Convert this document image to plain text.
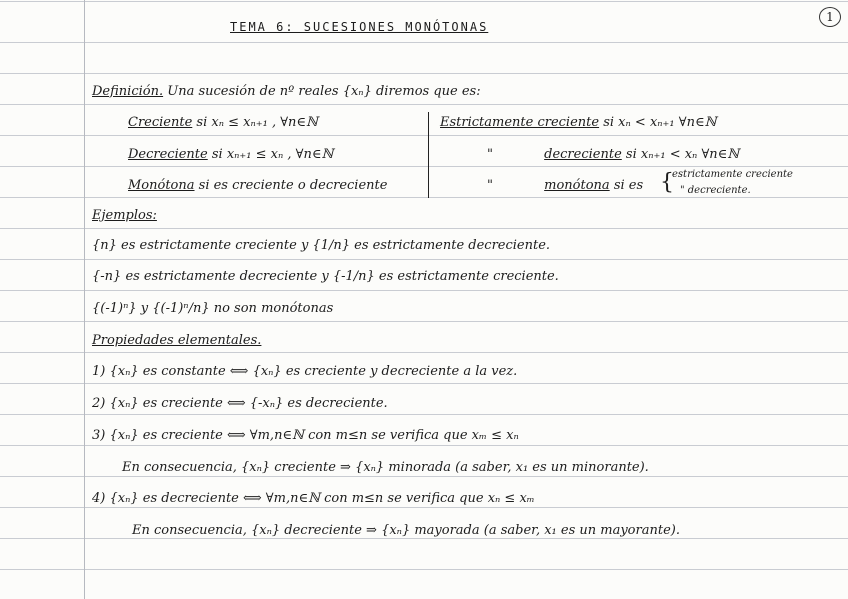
TEMA 6: SUCESIONES MONÓTONAS
1
Definición. Una sucesión de nº reales {xₙ} diremos que es:
Creciente si xₙ ≤ xₙ₊₁ , ∀n∈ℕ
Decreciente si xₙ₊₁ ≤ xₙ , ∀n∈ℕ
Monótona si es creciente o decreciente
Estrictamente creciente si xₙ < xₙ₊₁ ∀n∈ℕ
"	decreciente si xₙ₊₁ < xₙ ∀n∈ℕ
"	monótona si es {
estrictamente creciente
" decreciente.
Ejemplos:
{n} es estrictamente creciente y {1/n} es estrictamente decreciente.
{-n} es estrictamente decreciente y {-1/n} es estrictamente creciente.
{(-1)ⁿ} y {(-1)ⁿ/n} no son monótonas
Propiedades elementales.
1) {xₙ} es constante ⟺ {xₙ} es creciente y decreciente a la vez.
2) {xₙ} es creciente ⟺ {-xₙ} es decreciente.
3) {xₙ} es creciente ⟺ ∀m,n∈ℕ con m≤n se verifica que xₘ ≤ xₙ
En consecuencia, {xₙ} creciente ⇒ {xₙ} minorada (a saber, x₁ es un minorante).
4) {xₙ} es decreciente ⟺ ∀m,n∈ℕ con m≤n se verifica que xₙ ≤ xₘ
En consecuencia, {xₙ} decreciente ⇒ {xₙ} mayorada (a saber, x₁ es un mayorante).
